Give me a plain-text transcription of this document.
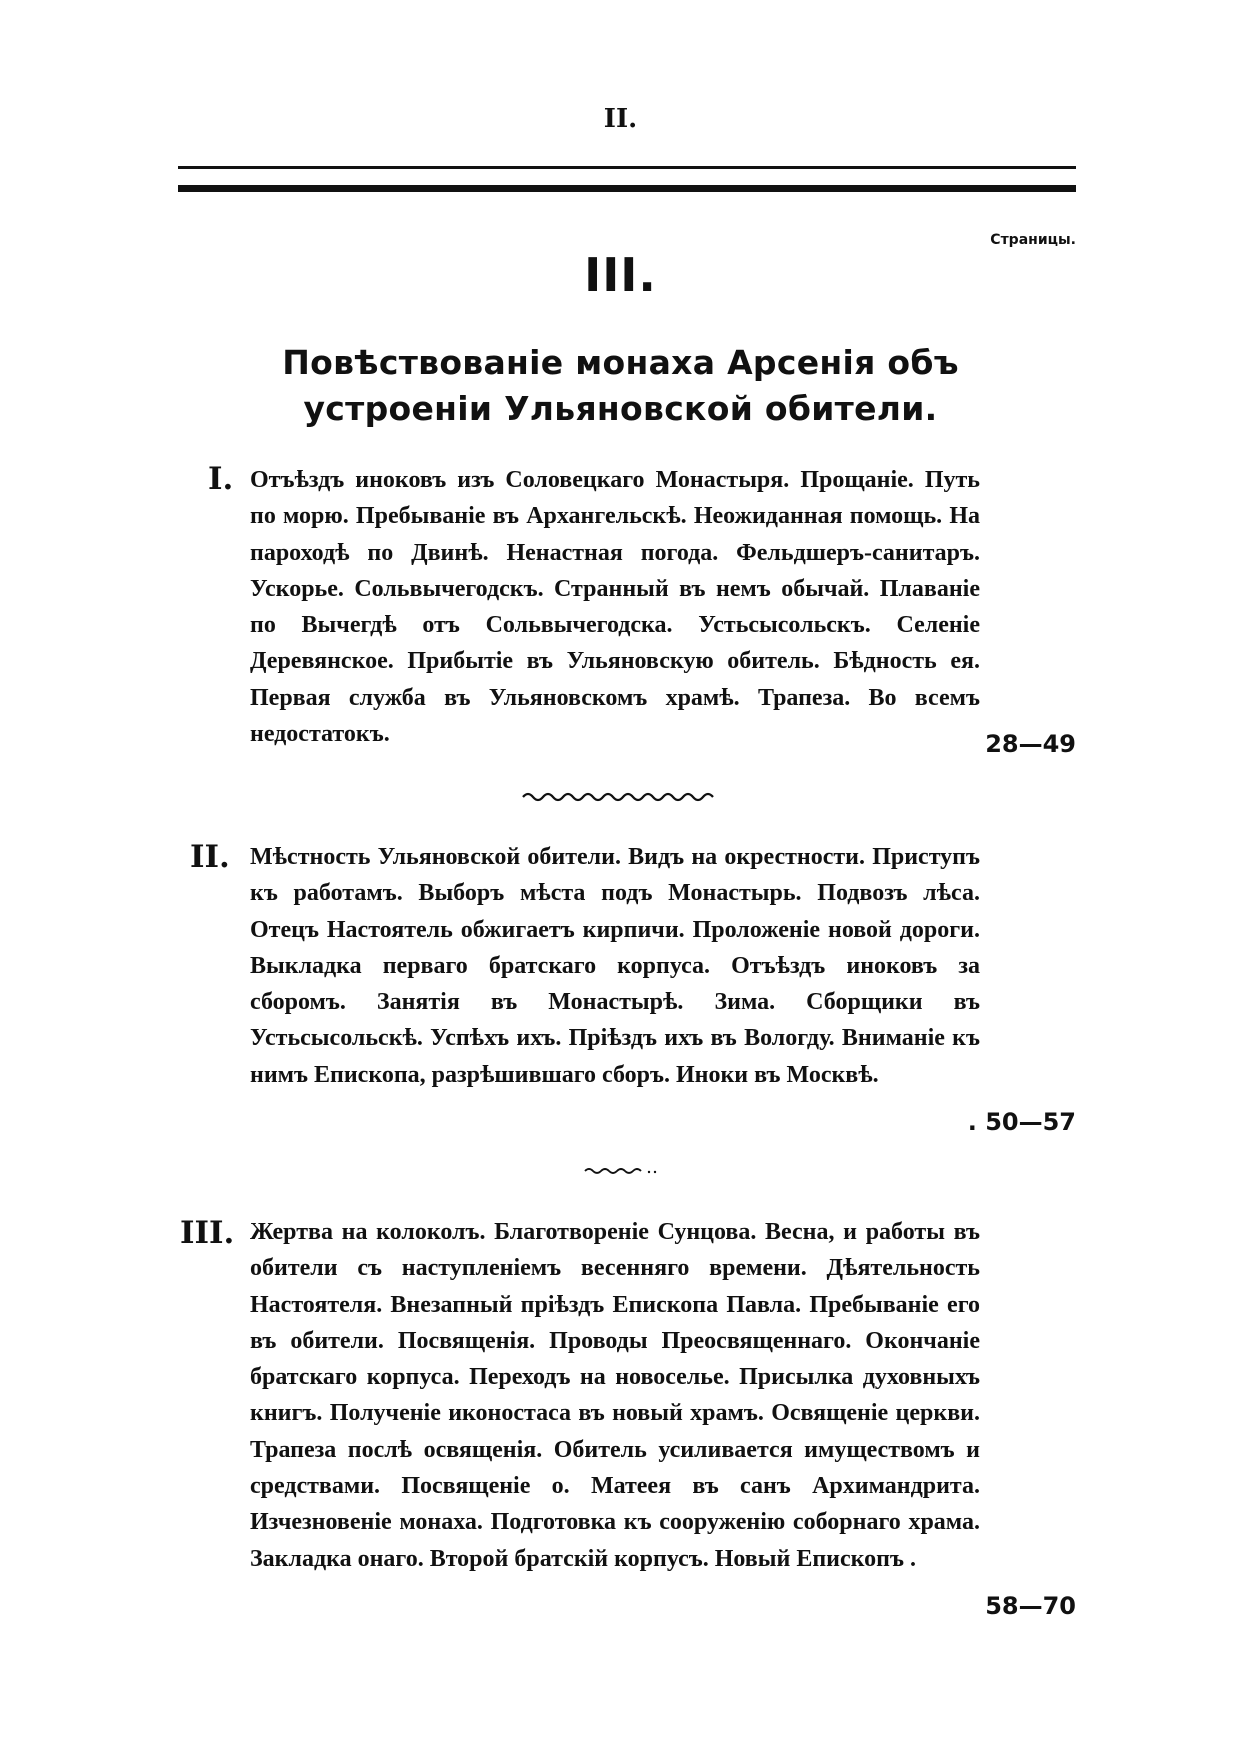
II.
Страницы.
III.
Повѣствованіе монаха Арсенія объ
устроеніи Ульяновской обители.
I. Отъѣздъ иноковъ изъ Соловецкаго Монастыря. Прощаніе. Путь по морю. Пребываніе въ Архангельскѣ. Неожиданная помощь. На пароходѣ по Двинѣ. Ненастная погода. Фельдшеръ-санитаръ. Ускорье. Сольвычегодскъ. Странный въ немъ обычай. Плаваніе по Вычегдѣ отъ Сольвычегодска. Устьсысольскъ. Селеніе Деревянское. Прибытіе въ Ульяновскую обитель. Бѣдность ея. Первая служба въ Ульяновскомъ храмѣ. Трапеза. Во всемъ недостатокъ.	28—49
II. Мѣстность Ульяновской обители. Видъ на окрестности. Приступъ къ работамъ. Выборъ мѣста подъ Монастырь. Подвозъ лѣса. Отецъ Настоятель обжигаетъ кирпичи. Проложеніе новой дороги. Выкладка перваго братскаго корпуса. Отъѣздъ иноковъ за сборомъ. Занятія въ Монастырѣ. Зима. Сборщики въ Устьсысольскѣ. Успѣхъ ихъ. Пріѣздъ ихъ въ Вологду. Вниманіе къ нимъ Епископа, разрѣшившаго сборъ. Иноки въ Москвѣ.

. 50—57
III. Жертва на колоколъ. Благотвореніе Сунцова. Весна, и работы въ обители съ наступленіемъ весенняго времени. Дѣятельность Настоятеля. Внезапный пріѣздъ Епископа Павла. Пребываніе его въ обители. Посвященія. Проводы Преосвященнаго. Окончаніе братскаго корпуса. Переходъ на новоселье. Присылка духовныхъ книгъ. Полученіе иконостаса въ новый храмъ. Освященіе церкви. Трапеза послѣ освященія. Обитель усиливается имуществомъ и средствами. Посвященіе о. Матеея въ санъ Архимандрита. Изчезновеніе монаха. Подготовка къ сооруженію соборнаго храма. Закладка онаго. Второй братскій корпусъ. Новый Епископъ .

58—70
